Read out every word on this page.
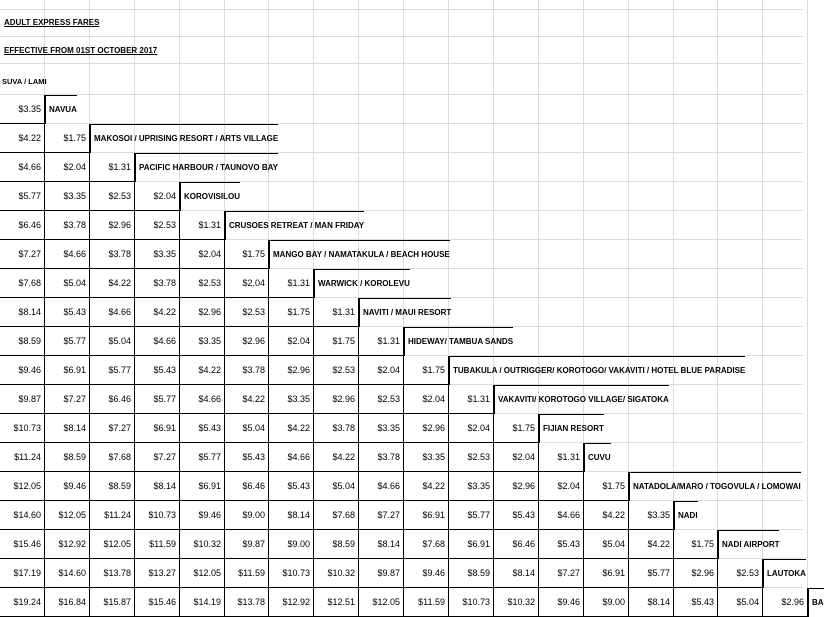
ADULT EXPRESS FARES
EFFECTIVE FROM 01ST OCTOBER 2017
SUVA / LAMI
$3.35	NAVUA
$4.22	$1.75	MAKOSOI / UPRISING RESORT / ARTS VILLAGE
$4.66	$2.04	$1.31	PACIFIC HARBOUR / TAUNOVO BAY
$5.77	$3.35	$2.53	$2.04	KOROVISILOU
$6.46	$3.78	$2.96	$2.53	$1.31	CRUSOES RETREAT / MAN FRIDAY
$7.27	$4.66	$3.78	$3.35	$2.04	$1.75	MANGO BAY / NAMATAKULA / BEACH HOUSE
$7.68	$5.04	$4.22	$3.78	$2.53	$2.04	$1.31	WARWICK / KOROLEVU
$8.14	$5.43	$4.66	$4.22	$2.96	$2.53	$1.75	$1.31	NAVITI / MAUI RESORT
$8.59	$5.77	$5.04	$4.66	$3.35	$2.96	$2.04	$1.75	$1.31	HIDEWAY/ TAMBUA SANDS
$9.46	$6.91	$5.77	$5.43	$4.22	$3.78	$2.96	$2.53	$2.04	$1.75	TUBAKULA / OUTRIGGER/ KOROTOGO/ VAKAVITI / HOTEL BLUE PARADISE
$9.87	$7.27	$6.46	$5.77	$4.66	$4.22	$3.35	$2.96	$2.53	$2.04	$1.31	VAKAVITI/ KOROTOGO VILLAGE/ SIGATOKA
$10.73	$8.14	$7.27	$6.91	$5.43	$5.04	$4.22	$3.78	$3.35	$2.96	$2.04	$1.75	FIJIAN RESORT
$11.24	$8.59	$7.68	$7.27	$5.77	$5.43	$4.66	$4.22	$3.78	$3.35	$2.53	$2.04	$1.31	CUVU
$12.05	$9.46	$8.59	$8.14	$6.91	$6.46	$5.43	$5.04	$4.66	$4.22	$3.35	$2.96	$2.04	$1.75	NATADOLA/MARO / TOGOVULA / LOMOWAI
$14.60	$12.05	$11.24	$10.73	$9.46	$9.00	$8.14	$7.68	$7.27	$6.91	$5.77	$5.43	$4.66	$4.22	$3.35	NADI
$15.46	$12.92	$12.05	$11.59	$10.32	$9.87	$9.00	$8.59	$8.14	$7.68	$6.91	$6.46	$5.43	$5.04	$4.22	$1.75	NADI AIRPORT
$17.19	$14.60	$13.78	$13.27	$12.05	$11.59	$10.73	$10.32	$9.87	$9.46	$8.59	$8.14	$7.27	$6.91	$5.77	$2.96	$2.53	LAUTOKA
$19.24	$16.84	$15.87	$15.46	$14.19	$13.78	$12.92	$12.51	$12.05	$11.59	$10.73	$10.32	$9.46	$9.00	$8.14	$5.43	$5.04	$2.96	BA
